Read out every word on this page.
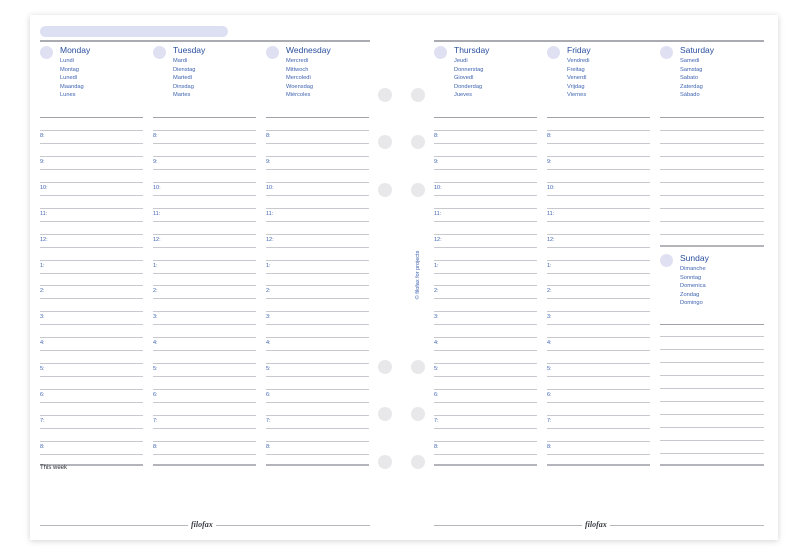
Monday
Lundi
Montag
Lunedì
Maandag
Lunes
Tuesday
Mardi
Dienstag
Martedì
Dinsdag
Martes
Wednesday
Mercredi
Mittwoch
Mercoledì
Woensdag
Miércoles
Thursday
Jeudi
Donnerstag
Giovedì
Donderdag
Jueves
Friday
Vendredi
Freitag
Venerdì
Vrijdag
Viernes
Saturday
Samedi
Samstag
Sabato
Zaterdag
Sábado
Sunday
Dimanche
Sonntag
Domenica
Zondag
Domingo
8:
9:
10:
11:
12:
1:
2:
3:
4:
5:
6:
7:
8:
8:
9:
10:
11:
12:
1:
2:
3:
4:
5:
6:
7:
8:
8:
9:
10:
11:
12:
1:
2:
3:
4:
5:
6:
7:
8:
8:
9:
10:
11:
12:
1:
2:
3:
4:
5:
6:
7:
8:
8:
9:
10:
11:
12:
1:
2:
3:
4:
5:
6:
7:
8:
filofax	filofax
This week
© filofax for projects
